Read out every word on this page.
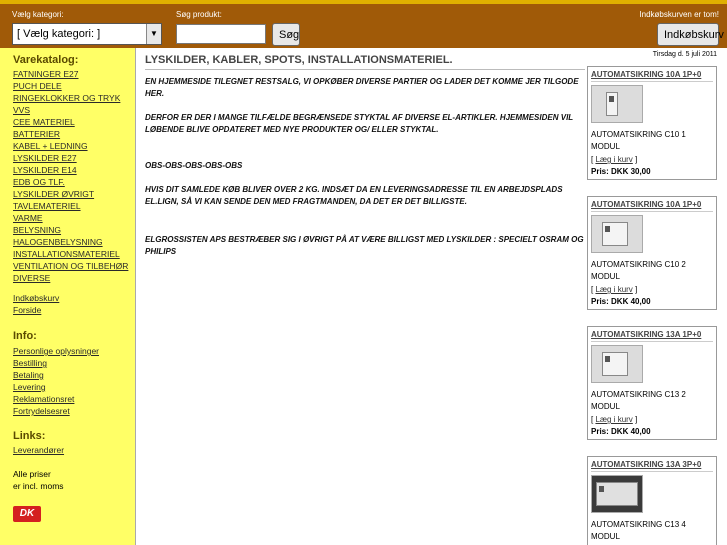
Vælg kategori:
[ Vælg kategori: ]	▼
Søg produkt:
Søg
Indkøbskurven er tom!
Indkøbskurv
Varekatalog:
FATNINGER E27
PUCH DELE
RINGEKLOKKER OG TRYK
VVS
CEE MATERIEL
BATTERIER
KABEL + LEDNING
LYSKILDER E27
LYSKILDER E14
EDB OG TLF.
LYSKILDER ØVRIGT
TAVLEMATERIEL
VARME
BELYSNING
HALOGENBELYSNING
INSTALLATIONSMATERIEL
VENTILATION OG TILBEHØR
DIVERSE
Indkøbskurv
Forside
Info:
Personlige oplysninger
Bestilling
Betaling
Levering
Reklamationsret
Fortrydelsesret
Links:
Leverandører
Alle priser
er incl. moms
DK
LYSKILDER, KABLER, SPOTS, INSTALLATIONSMATERIEL.
EN HJEMMESIDE TILEGNET RESTSALG, VI OPKØBER DIVERSE PARTIER OG LADER DET KOMME JER TILGODE HER.
DERFOR ER DER I MANGE TILFÆLDE BEGRÆNSEDE STYKTAL AF DIVERSE EL-ARTIKLER. HJEMMESIDEN VIL LØBENDE BLIVE OPDATERET MED NYE PRODUKTER OG/ ELLER STYKTAL.
OBS-OBS-OBS-OBS-OBS
HVIS DIT SAMLEDE KØB BLIVER OVER 2 KG. INDSÆT DA EN LEVERINGSADRESSE TIL EN ARBEJDSPLADS EL.LIGN, SÅ VI KAN SENDE DEN MED FRAGTMANDEN, DA DET ER DET BILLIGSTE.
ELGROSSISTEN APS BESTRÆBER SIG I ØVRIGT PÅ AT VÆRE BILLIGST MED LYSKILDER : SPECIELT OSRAM OG PHILIPS
Tirsdag d. 5 juli 2011
AUTOMATSIKRING 10A 1P+0
AUTOMATSIKRING C10 1 MODUL
[ Læg i kurv ]
Pris: DKK 30,00
AUTOMATSIKRING 10A 1P+0
AUTOMATSIKRING C10 2 MODUL
[ Læg i kurv ]
Pris: DKK 40,00
AUTOMATSIKRING 13A 1P+0
AUTOMATSIKRING C13 2 MODUL
[ Læg i kurv ]
Pris: DKK 40,00
AUTOMATSIKRING 13A 3P+0
AUTOMATSIKRING C13 4 MODUL
